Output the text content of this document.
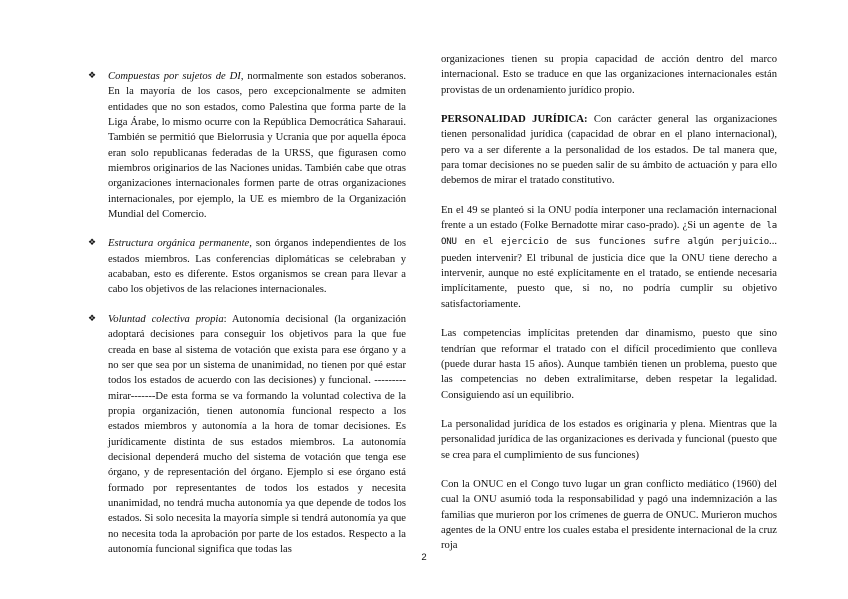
❖ Compuestas por sujetos de DI, normalmente son estados soberanos. En la mayoría de los casos, pero excepcionalmente se admiten entidades que no son estados, como Palestina que forma parte de la Liga Árabe, lo mismo ocurre con la República Democrática Saharaui. También se permitió que Bielorrusia y Ucrania que por aquella época eran solo republicanas federadas de la URSS, que figurasen como miembros originarios de las Naciones unidas. También cabe que otras organizaciones internacionales formen parte de otras organizaciones internacionales, por ejemplo, la UE es miembro de la Organización Mundial del Comercio.
❖ Estructura orgánica permanente, son órganos independientes de los estados miembros. Las conferencias diplomáticas se celebraban y acababan, esto es diferente. Estos organismos se crean para llevar a cabo los objetivos de las relaciones internacionales.
❖ Voluntad colectiva propia: Autonomía decisional (la organización adoptará decisiones para conseguir los objetivos para la que fue creada en base al sistema de votación que exista para ese órgano y a no ser que sea por un sistema de unanimidad, no tienen por qué estar todos los estados de acuerdo con las decisiones) y funcional. ---------mirar-------De esta forma se va formando la voluntad colectiva de la propia organización, tienen autonomía funcional respecto a los estados miembros y autonomía a la hora de tomar decisiones. Es jurídicamente distinta de sus estados miembros. La autonomía decisional dependerá mucho del sistema de votación que tenga ese órgano, y de representación del órgano. Ejemplo si ese órgano está formado por representantes de todos los estados y necesita unanimidad, no tendrá mucha autonomía ya que depende de todos los estados. Si solo necesita la mayoría simple si tendrá autonomía ya que no necesita toda la aprobación por parte de los estados. Respecto a la autonomía funcional significa que todas las

organizaciones tienen su propia capacidad de acción dentro del marco internacional. Esto se traduce en que las organizaciones internacionales están provistas de un ordenamiento jurídico propio.

PERSONALIDAD JURÍDICA: Con carácter general las organizaciones tienen personalidad jurídica (capacidad de obrar en el plano internacional), pero va a ser diferente a la personalidad de los estados. De tal manera que, para tomar decisiones no se pueden salir de su ámbito de actuación y para ello debemos de mirar el tratado constitutivo.

En el 49 se planteó si la ONU podía interponer una reclamación internacional frente a un estado (Folke Bernadotte mirar caso-prado). ¿Si un agente de la ONU en el ejercicio de sus funciones sufre algún perjuicio... pueden intervenir? El tribunal de justicia dice que la ONU tiene derecho a intervenir, aunque no esté explícitamente en el tratado, se entiende necesaria implícitamente, puesto que, si no, no podría cumplir su objetivo satisfactoriamente.

Las competencias implícitas pretenden dar dinamismo, puesto que sino tendrían que reformar el tratado con el difícil procedimiento que conlleva (puede durar hasta 15 años). Aunque también tienen un problema, puesto que las competencias no deben extralimitarse, deben respetar la legalidad. Consiguiendo así un equilibrio.

La personalidad jurídica de los estados es originaria y plena. Mientras que la personalidad jurídica de las organizaciones es derivada y funcional (puesto que se crea para el cumplimiento de sus funciones)

Con la ONUC en el Congo tuvo lugar un gran conflicto mediático (1960) del cual la ONU asumió toda la responsabilidad y pagó una indemnización a las familias que murieron por los crímenes de guerra de ONUC. Murieron muchos agentes de la ONU entre los cuales estaba el presidente internacional de la cruz roja

2
